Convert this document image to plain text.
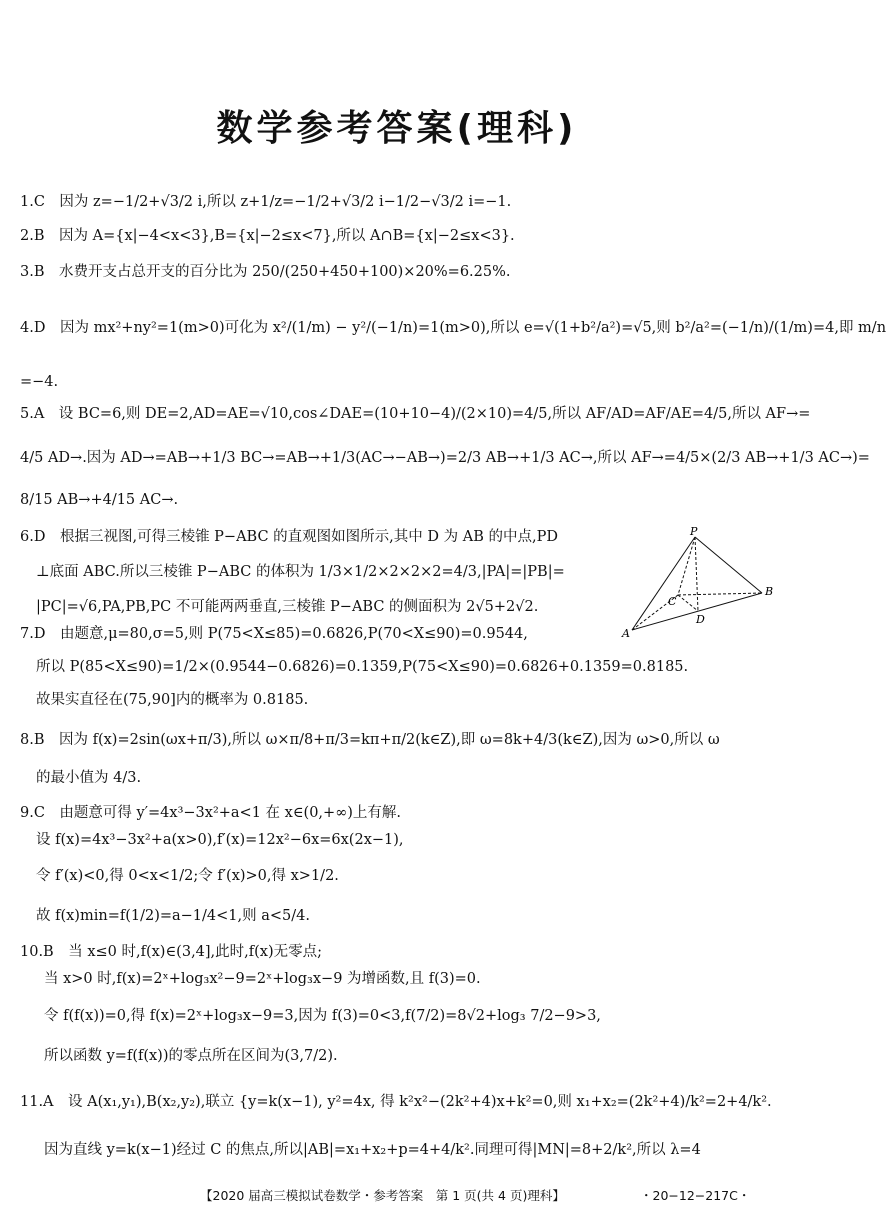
数学参考答案(理科)
1.C　因为 z=−1/2+√3/2 i,所以 z+1/z=−1/2+√3/2 i−1/2−√3/2 i=−1.
2.B　因为 A={x|−4<x<3},B={x|−2≤x<7},所以 A∩B={x|−2≤x<3}.
3.B　水费开支占总开支的百分比为 250/(250+450+100)×20%=6.25%.
4.D　因为 mx²+ny²=1(m>0)可化为 x²/(1/m) − y²/(−1/n)=1(m>0),所以 e=√(1+b²/a²)=√5,则 b²/a²=(−1/n)/(1/m)=4,即 m/n
=−4.
5.A　设 BC=6,则 DE=2,AD=AE=√10,cos∠DAE=(10+10−4)/(2×10)=4/5,所以 AF/AD=AF/AE=4/5,所以 AF→=
4/5 AD→.因为 AD→=AB→+1/3 BC→=AB→+1/3(AC→−AB→)=2/3 AB→+1/3 AC→,所以 AF→=4/5×(2/3 AB→+1/3 AC→)=
8/15 AB→+4/15 AC→.
6.D　根据三视图,可得三棱锥 P−ABC 的直观图如图所示,其中 D 为 AB 的中点,PD
⊥底面 ABC.所以三棱锥 P−ABC 的体积为 1/3×1/2×2×2×2=4/3,|PA|=|PB|=
|PC|=√6,PA,PB,PC 不可能两两垂直,三棱锥 P−ABC 的侧面积为 2√5+2√2.
7.D　由题意,μ=80,σ=5,则 P(75<X≤85)=0.6826,P(70<X≤90)=0.9544,
所以 P(85<X≤90)=1/2×(0.9544−0.6826)=0.1359,P(75<X≤90)=0.6826+0.1359=0.8185.
故果实直径在(75,90]内的概率为 0.8185.
8.B　因为 f(x)=2sin(ωx+π/3),所以 ω×π/8+π/3=kπ+π/2(k∈Z),即 ω=8k+4/3(k∈Z),因为 ω>0,所以 ω
的最小值为 4/3.
9.C　由题意可得 y′=4x³−3x²+a<1 在 x∈(0,+∞)上有解.
设 f(x)=4x³−3x²+a(x>0),f′(x)=12x²−6x=6x(2x−1),
令 f′(x)<0,得 0<x<1/2;令 f′(x)>0,得 x>1/2.
故 f(x)min=f(1/2)=a−1/4<1,则 a<5/4.
10.B　当 x≤0 时,f(x)∈(3,4],此时,f(x)无零点;
当 x>0 时,f(x)=2ˣ+log₃x²−9=2ˣ+log₃x−9 为增函数,且 f(3)=0.
令 f(f(x))=0,得 f(x)=2ˣ+log₃x−9=3,因为 f(3)=0<3,f(7/2)=8√2+log₃ 7/2−9>3,
所以函数 y=f(f(x))的零点所在区间为(3,7/2).
11.A　设 A(x₁,y₁),B(x₂,y₂),联立 {y=k(x−1), y²=4x, 得 k²x²−(2k²+4)x+k²=0,则 x₁+x₂=(2k²+4)/k²=2+4/k².
因为直线 y=k(x−1)经过 C 的焦点,所以|AB|=x₁+x₂+p=4+4/k².同理可得|MN|=8+2/k²,所以 λ=4
P
A
B
C
D
【2020 届高三模拟试卷数学・参考答案　第 1 页(共 4 页)理科】	・20−12−217C・
